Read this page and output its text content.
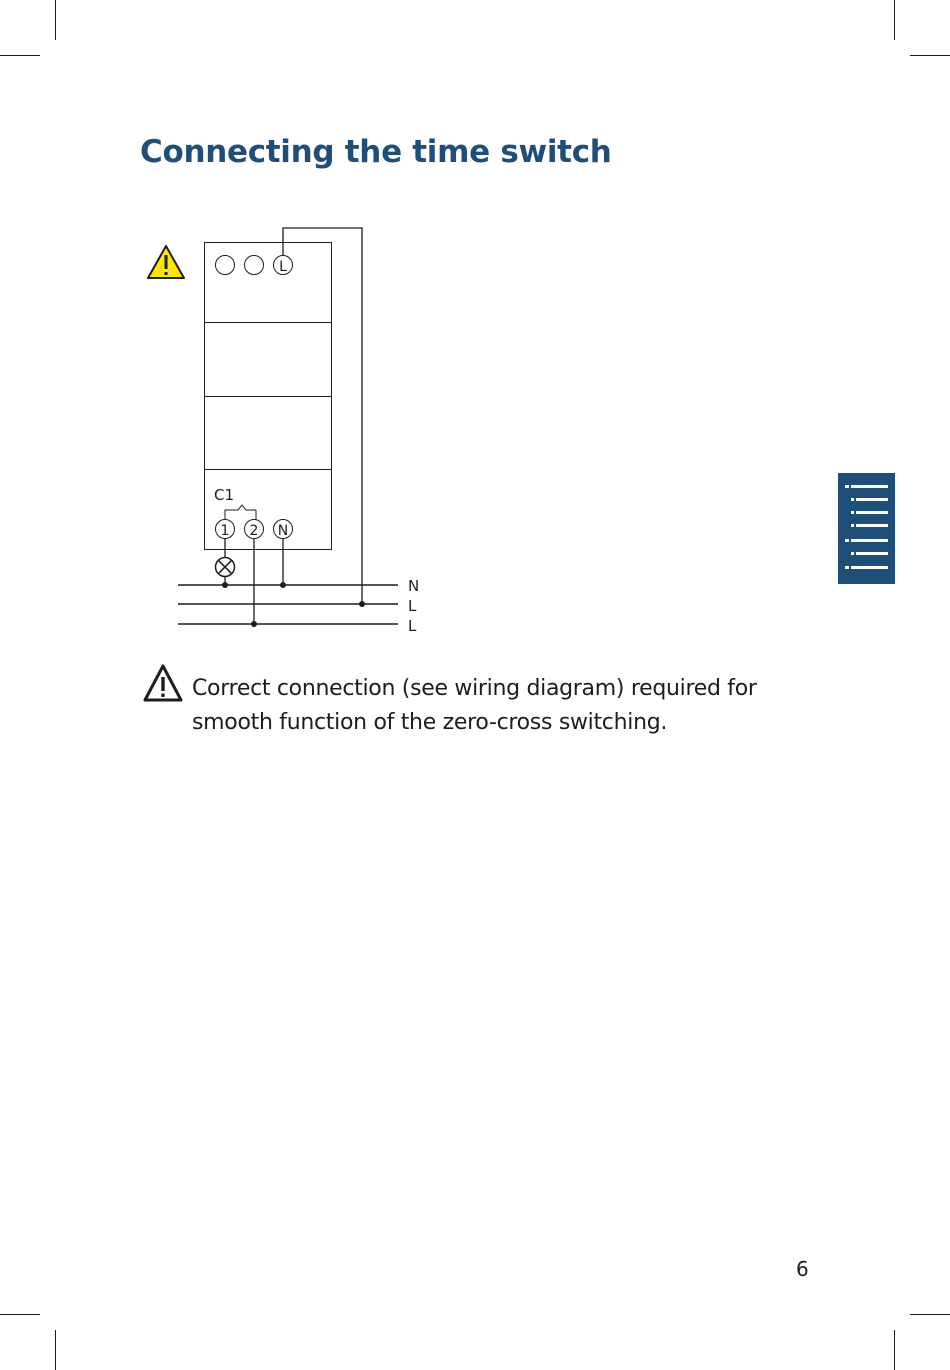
Connecting the time switch
L
C1
1 2 N
N
L
L
Correct connection (see wiring diagram) required for smooth function of the zero-cross switching.
6
